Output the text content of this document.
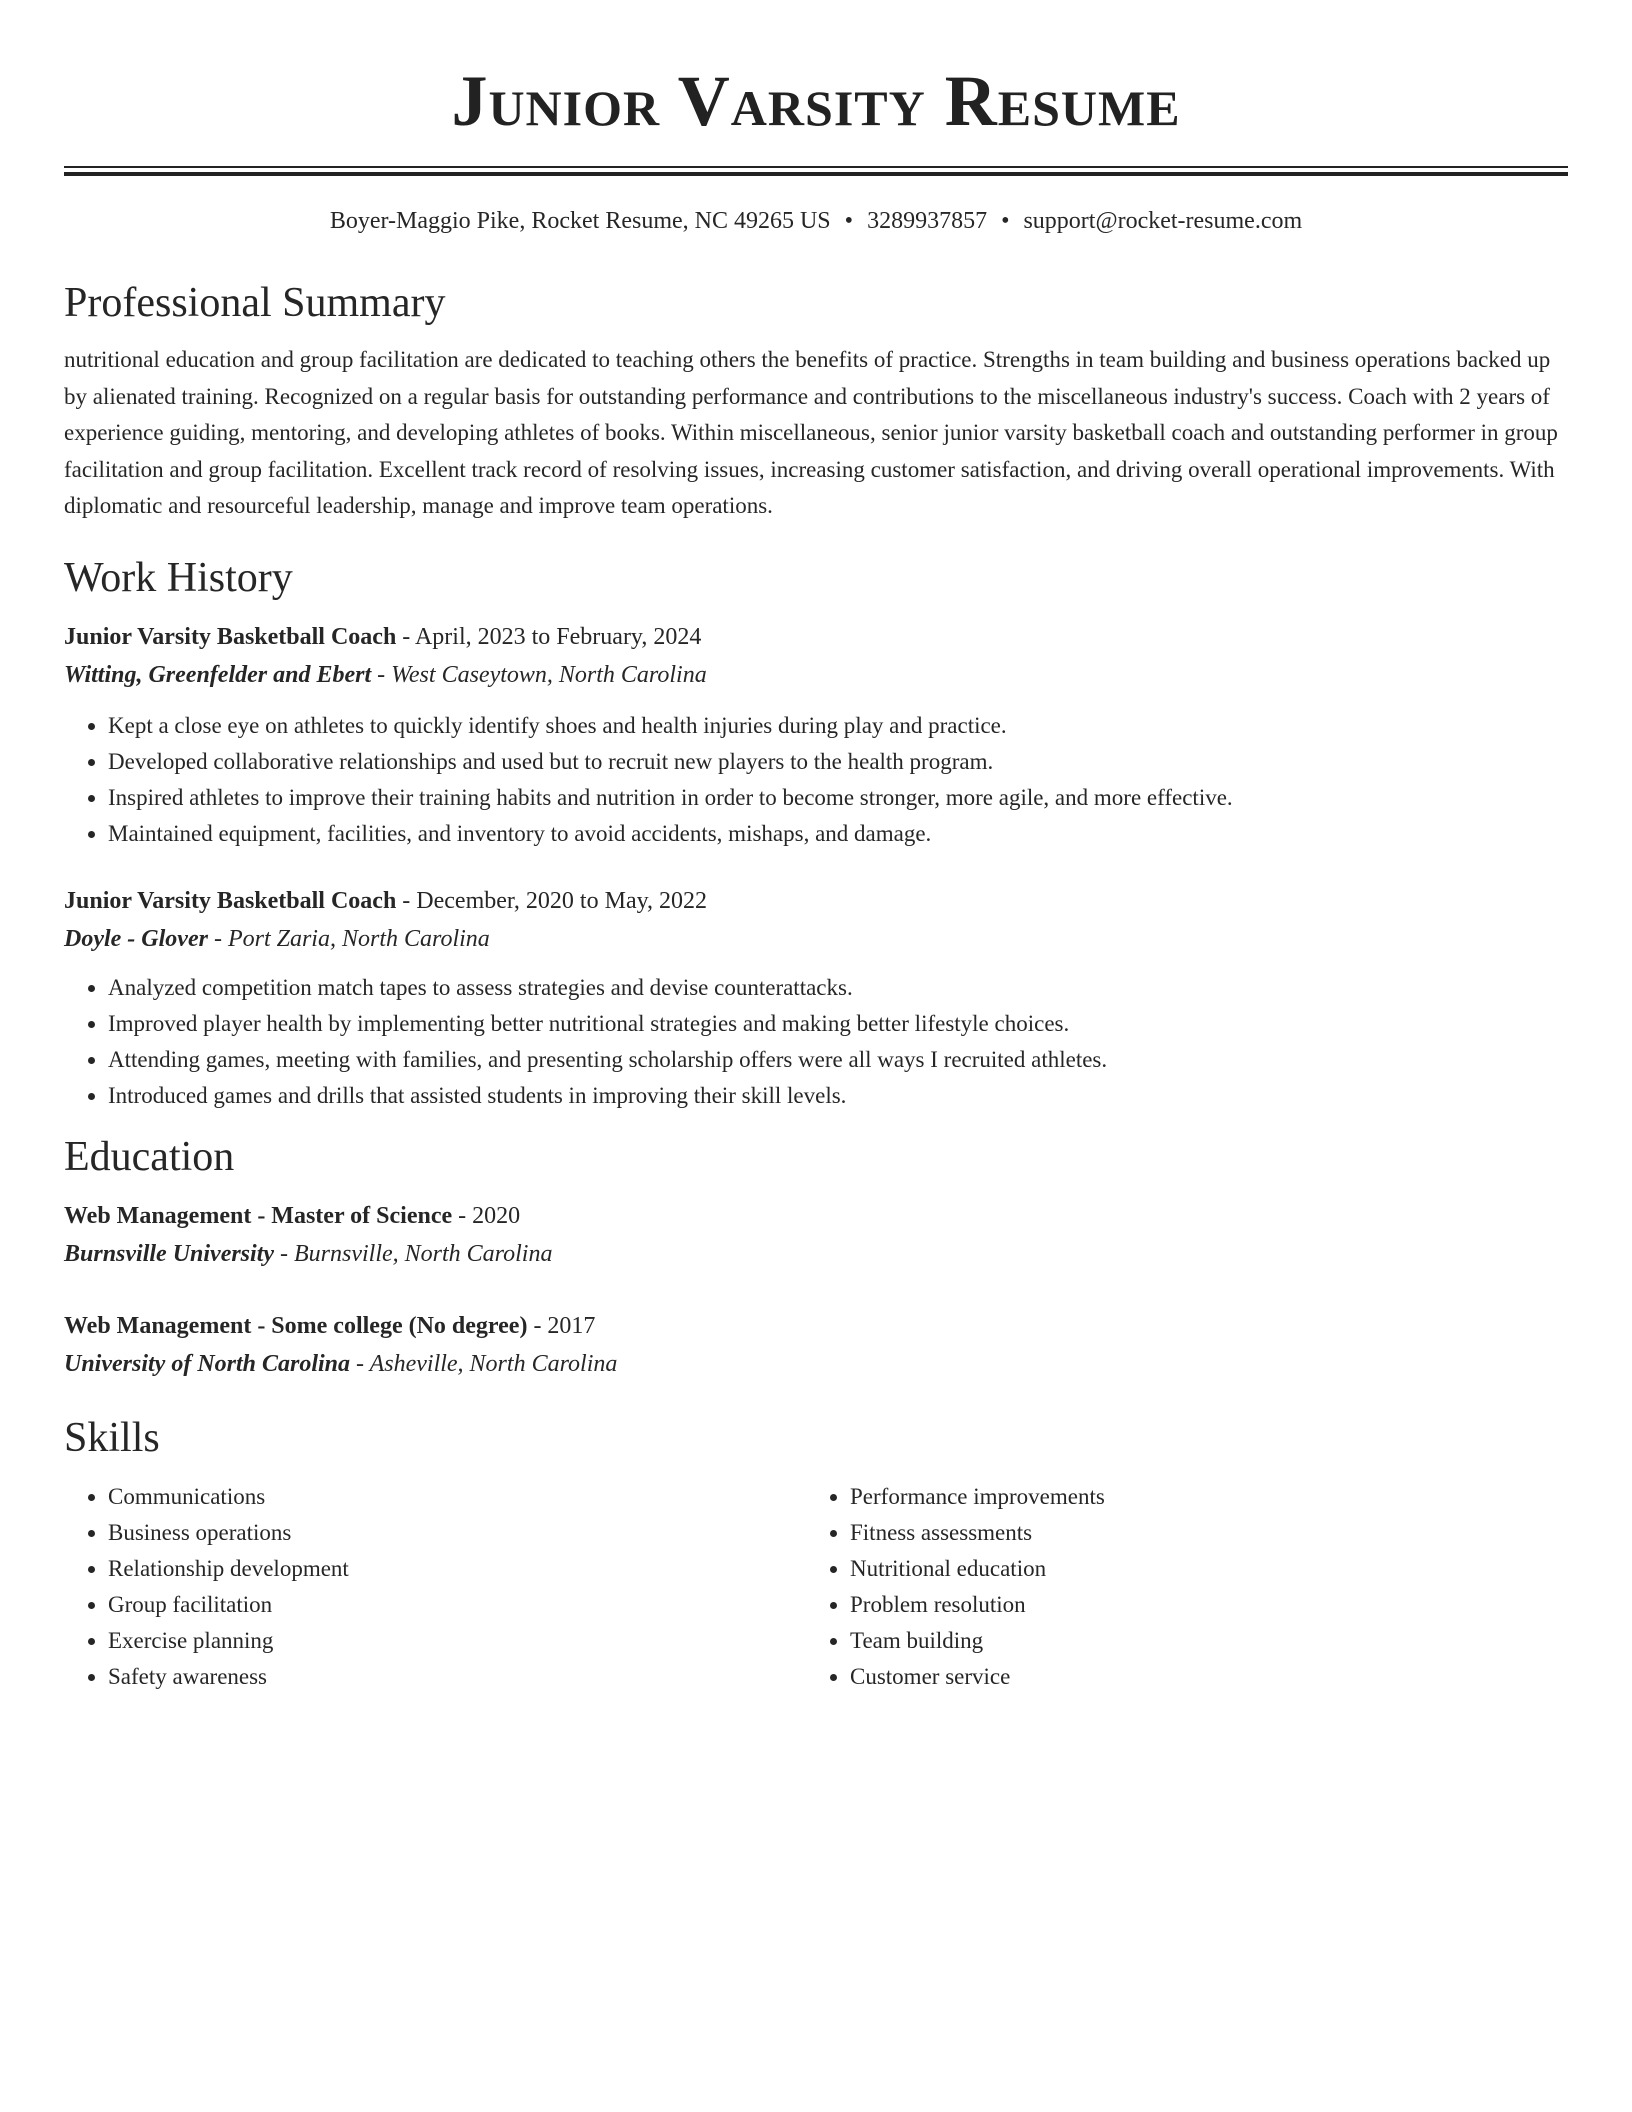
Junior Varsity Resume
Boyer-Maggio Pike, Rocket Resume, NC 49265 US • 3289937857 • support@rocket-resume.com
Professional Summary

nutritional education and group facilitation are dedicated to teaching others the benefits of practice. Strengths in team building and business operations backed up by alienated training. Recognized on a regular basis for outstanding performance and contributions to the miscellaneous industry's success. Coach with 2 years of experience guiding, mentoring, and developing athletes of books. Within miscellaneous, senior junior varsity basketball coach and outstanding performer in group facilitation and group facilitation. Excellent track record of resolving issues, increasing customer satisfaction, and driving overall operational improvements. With diplomatic and resourceful leadership, manage and improve team operations.

Work History
Junior Varsity Basketball Coach - April, 2023 to February, 2024
Witting, Greenfelder and Ebert - West Caseytown, North Carolina
• Kept a close eye on athletes to quickly identify shoes and health injuries during play and practice.
• Developed collaborative relationships and used but to recruit new players to the health program.
• Inspired athletes to improve their training habits and nutrition in order to become stronger, more agile, and more effective.
• Maintained equipment, facilities, and inventory to avoid accidents, mishaps, and damage.
Junior Varsity Basketball Coach - December, 2020 to May, 2022
Doyle - Glover - Port Zaria, North Carolina
• Analyzed competition match tapes to assess strategies and devise counterattacks.
• Improved player health by implementing better nutritional strategies and making better lifestyle choices.
• Attending games, meeting with families, and presenting scholarship offers were all ways I recruited athletes.
• Introduced games and drills that assisted students in improving their skill levels.
Education
Web Management - Master of Science - 2020
Burnsville University - Burnsville, North Carolina
Web Management - Some college (No degree) - 2017
University of North Carolina - Asheville, North Carolina
Skills
• Communications
• Business operations
• Relationship development
• Group facilitation
• Exercise planning
• Safety awareness
• Performance improvements
• Fitness assessments
• Nutritional education
• Problem resolution
• Team building
• Customer service
